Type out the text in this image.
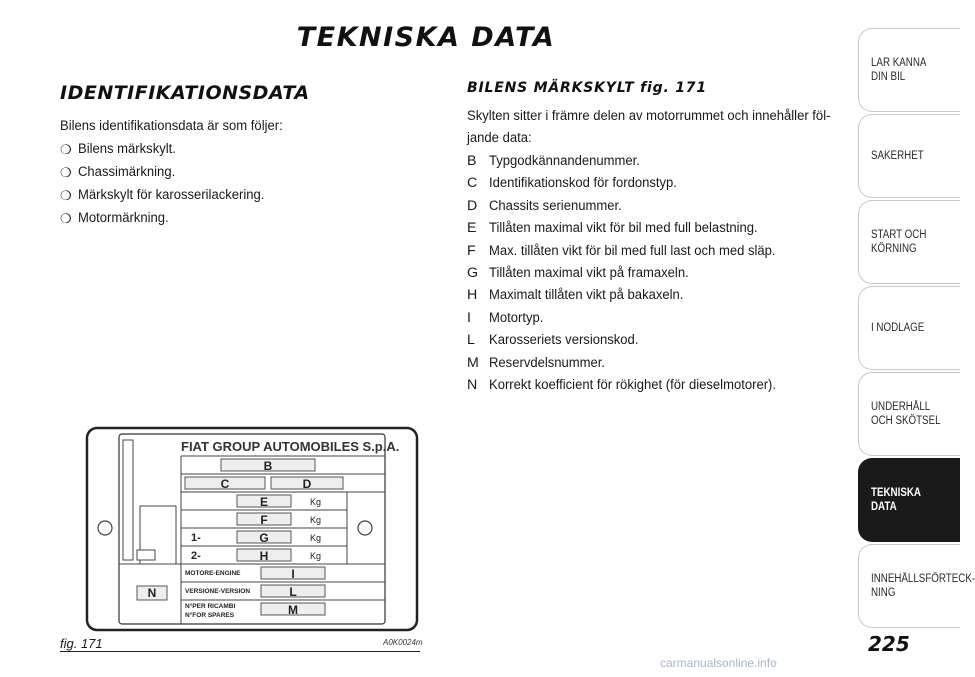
TEKNISKA DATA
IDENTIFIKATIONSDATA

Bilens identifikationsdata är som följer:

❍ Bilens märkskylt.
❍ Chassimärkning.
❍ Märkskylt för karosserilackering.
❍ Motormärkning.
BILENS MÄRKSKYLT fig. 171

Skylten sitter i främre delen av motorrummet och innehåller föl-

jande data:

B Typgodkännandenummer.
C Identifikationskod för fordonstyp.
D Chassits serienummer.
E Tillåten maximal vikt för bil med full belastning.
F Max. tillåten vikt för bil med full last och med släp.
G Tillåten maximal vikt på framaxeln.
H Maximalt tillåten vikt på bakaxeln.
I	Motortyp.
L Karosseriets versionskod.
M Reservdelsnummer.
N Korrekt koefficient för rökighet (för dieselmotorer).
FIAT GROUP AUTOMOBILES S.p.A.
B
C	D
E
F
G
H
I
L
M
N
Kg
Kg
Kg
Kg
1-
2-
MOTORE-ENGINE
VERSIONE-VERSION
N°PER RICAMBI
N°FOR SPARES
fig. 171	A0K0024m
LÄR KÄNNA
DIN BIL
SÄKERHET
START OCH
KÖRNING
I NÖDLÄGE
UNDERHÅLL
OCH SKÖTSEL
TEKNISKA DATA
INNEHÅLLSFÖRTECK-
NING
225
carmanualsonline.info
